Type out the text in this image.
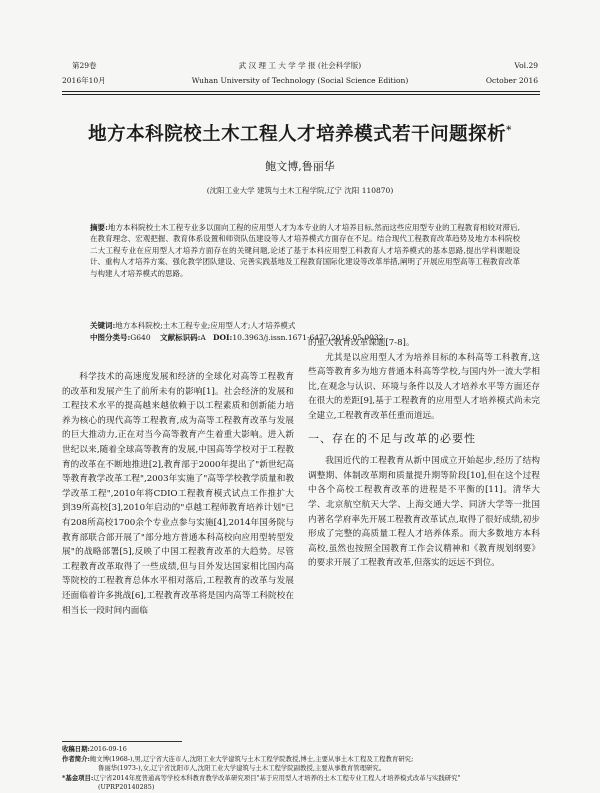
第29卷
2016年10月
武 汉 理 工 大 学 学 报 (社会科学版)
Wuhan University of Technology (Social Science Edition)
Vol.29
October 2016
地方本科院校土木工程人才培养模式若干问题探析*
鲍文博,鲁丽华
(沈阳工业大学 建筑与土木工程学院,辽宁 沈阳 110870)
摘要:地方本科院校土木工程专业多以面向工程的应用型人才为本专业的人才培养目标,然而这些应用型专业的工程教育相较对滞后,在教育理念、宏观把握、教育体系设置和师资队伍建设等人才培养模式方面存在不足。结合现代工程教育改革趋势及地方本科院校二大工程专业在应用型人才培养方面存在的关键问题,论述了基于本科应用型工科教育人才培养模式的基本思路,提出学科课题设计、重构人才培养方案、强化教学团队建设、完善实践基地及工程教育国际化建设等改革举措,阐明了开展应用型高等工程教育改革与构建人才培养模式的思路。
关键词:地方本科院校;土木工程专业;应用型人才;人才培养模式
中图分类号:G640 文献标识码:A DOI:10.3963/j.issn.1671-6477.2016.05.0032

科学技术的高速度发展和经济的全球化对高等工程教育的改革和发展产生了前所未有的影响[1]。社会经济的发展和工程技术水平的提高越来越依赖于以工程素质和创新能力培养为核心的现代高等工程教育,成为高等工程教育改革与发展的巨大推动力,正在对当今高等教育产生着重大影响。进入新世纪以来,随着全球高等教育的发展,中国高等学校对于工程教育的改革在不断地推进[2],教育部于2000年提出了"新世纪高等教育教学改革工程",2003年实施了"高等学校教学质量和教学改革工程",2010年将CDIO工程教育模式试点工作推扩大到39所高校[3],2010年启动的"卓越工程师教育培养计划"已有208所高校1700余个专业点参与实施[4],2014年国务院与教育部联合部开展了"部分地方普通本科高校向应用型转型发展"的战略部署[5],反映了中国工程教育改革的大趋势。尽管工程教育改革取得了一些成绩,但与目外发达国家相比国内高等院校的工程教育总体水平相对落后,工程教育的改革与发展还面临着许多挑战[6],工程教育改革将是国内高等工科院校在相当长一段时间内面临

的重大教育改革课题[7-8]。

尤其是以应用型人才为培养目标的本科高等工科教育,这些高等教育多为地方普通本科高等学校,与国内外一流大学相比,在观念与认识、环境与条件以及人才培养水平等方面还存在很大的差距[9],基于工程教育的应用型人才培养模式尚未完全建立,工程教育改革任重而道远。

一、存在的不足与改革的必要性

我国近代的工程教育从新中国成立开始起步,经历了结构调整期、体制改革期和质量提升期等阶段[10],但在这个过程中各个高校工程教育改革的进程是不平衡的[11]。清华大学、北京航空航天大学、上海交通大学、同济大学等一批国内著名学府率先开展工程教育改革试点,取得了很好成绩,初步形成了完整的高质量工程人才培养体系。而大多数地方本科高校,虽然也按照全国教育工作会议精神和《教育规划纲要》的要求开展了工程教育改革,但落实的远远不到位。

收稿日期:2016-09-16
作者简介:鲍文博(1968-),男,辽宁省大连市人,沈阳工业大学建筑与土木工程学院教授,博士,主要从事土木工程及工程教育研究;
鲁丽华(1973-),女,辽宁省沈阳市人,沈阳工业大学建筑与土木工程学院副教授,主要从事教育管理研究。
*基金项目:辽宁省2014年度普通高等学校本科教育教学改革研究项目"基于应用型人才培养的土木工程专业工程人才培养模式改革与实践研究"
(UPRP20140285)
